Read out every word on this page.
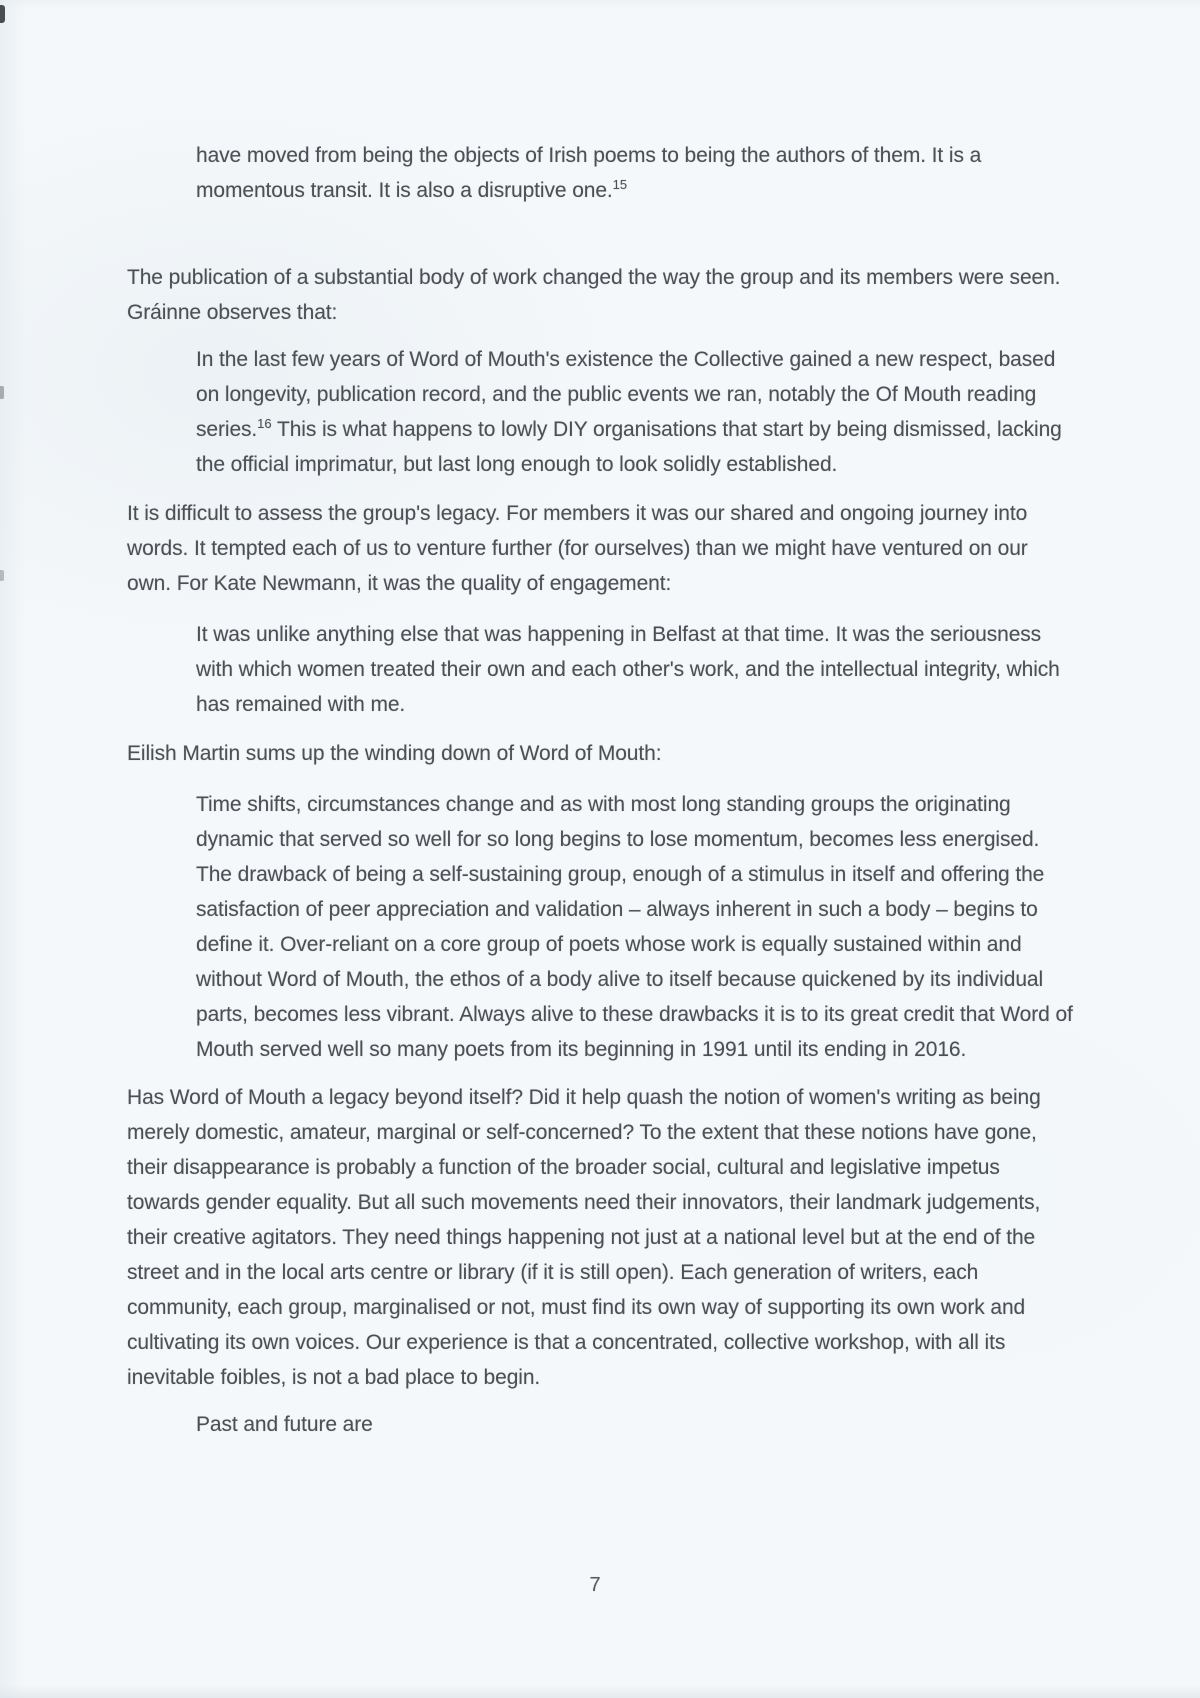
have moved from being the objects of Irish poems to being the authors of them. It is a momentous transit. It is also a disruptive one.$^{15}$

The publication of a substantial body of work changed the way the group and its members were seen. Gráinne observes that:

In the last few years of Word of Mouth's existence the Collective gained a new respect, based on longevity, publication record, and the public events we ran, notably the Of Mouth reading series.$^{16}$ This is what happens to lowly DIY organisations that start by being dismissed, lacking the official imprimatur, but last long enough to look solidly established.

It is difficult to assess the group's legacy. For members it was our shared and ongoing journey into words. It tempted each of us to venture further (for ourselves) than we might have ventured on our own. For Kate Newmann, it was the quality of engagement:

It was unlike anything else that was happening in Belfast at that time. It was the seriousness with which women treated their own and each other's work, and the intellectual integrity, which has remained with me.

Eilish Martin sums up the winding down of Word of Mouth:

Time shifts, circumstances change and as with most long standing groups the originating dynamic that served so well for so long begins to lose momentum, becomes less energised. The drawback of being a self-sustaining group, enough of a stimulus in itself and offering the satisfaction of peer appreciation and validation – always inherent in such a body – begins to define it. Over-reliant on a core group of poets whose work is equally sustained within and without Word of Mouth, the ethos of a body alive to itself because quickened by its individual parts, becomes less vibrant. Always alive to these drawbacks it is to its great credit that Word of Mouth served well so many poets from its beginning in 1991 until its ending in 2016.

Has Word of Mouth a legacy beyond itself? Did it help quash the notion of women's writing as being merely domestic, amateur, marginal or self-concerned? To the extent that these notions have gone, their disappearance is probably a function of the broader social, cultural and legislative impetus towards gender equality. But all such movements need their innovators, their landmark judgements, their creative agitators. They need things happening not just at a national level but at the end of the street and in the local arts centre or library (if it is still open). Each generation of writers, each community, each group, marginalised or not, must find its own way of supporting its own work and cultivating its own voices. Our experience is that a concentrated, collective workshop, with all its inevitable foibles, is not a bad place to begin.

Past and future are

7
